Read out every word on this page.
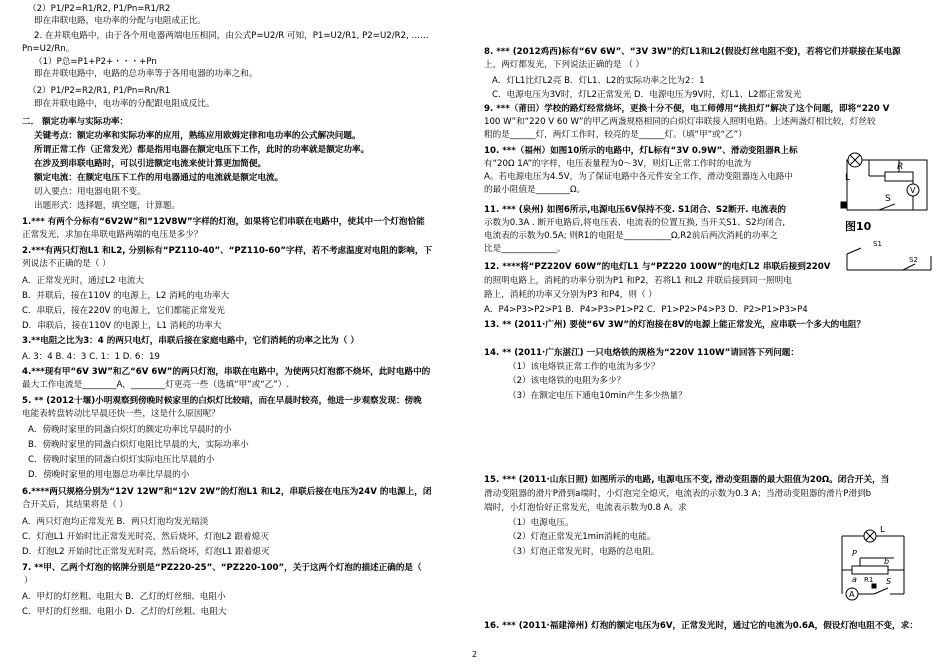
（2）P1/P2=R1/R2, P1/Pn=R1/R2
即在串联电路，电功率的分配与电阻成正比。
2. 在并联电路中，由于各个用电器两端电压相同，由公式P=U2/R 可知，P1=U2/R1, P2=U2/R2, ……
Pn=U2/Rn。
（1）P总=P1+P2+・・・+Pn
即在并联电路中，电路的总功率等于各用电器的功率之和。
（2）P1/P2=R2/R1, P1/Pn=Rn/R1
即在并联电路中，电功率的分配跟电阻成反比。
二． 额定功率与实际功率：
关键考点：额定功率和实际功率的应用，熟练应用欧姆定律和电功率的公式解决问题。
所谓正常工作（正常发光）都是指用电器在额定电压下工作，此时的功率就是额定功率。
在涉及到串联电路时，可以引进额定电流来使计算更加简便。
额定电流：在额定电压下工作的用电器通过的电流就是额定电流。
切入要点：用电器电阻不变。
出题形式：选择题，填空题，计算题。
1.*** 有两个分标有“6V2W”和“12V8W”字样的灯泡，如果将它们串联在电路中，使其中一个灯泡恰能
正常发光，求加在串联电路两端的电压是多少？
2.***有两只灯泡L1 和L2, 分别标有“PZ110-40”、“PZ110-60”字样，若不考虑温度对电阻的影响，下
列说法不正确的是（ ）
A．正常发光时，通过L2 电流大
B．并联后，接在110V 的电源上，L2 消耗的电功率大
C．串联后，接在220V 的电源上，它们都能正常发光
D．串联后，接在110V 的电源上，L1 消耗的功率大
3.**电阻之比为3：4 的两只电灯，串联后接在家庭电路中，它们消耗的功率之比为（ ）
A. 3：4 B. 4：3 C. 1：1 D. 6：19
4.***现有甲“6V 3W”和乙“6V 6W”的两只灯泡，串联在电路中，为使两只灯泡都不烧坏，此时电路中的
最大工作电流是________A，________灯更亮一些（选填“甲”或“乙”）.
5. ** (2012十堰)小明观察到傍晚时候家里的白炽灯比较暗，而在早晨时较亮，他进一步观察发现：傍晚
电能表转盘转动比早晨还快一些，这是什么原因呢？
A．傍晚时家里的同盏白炽灯的额定功率比早晨时的小
B．傍晚时家里的同盏白炽灯电阻比早晨的大，实际功率小
C．傍晚时家里的同盏白炽灯实际电压比早晨的小
D．傍晚时家里的用电器总功率比早晨的小
6.****两只规格分别为“12V 12W”和“12V 2W”的灯泡L1 和L2，串联后接在电压为24V 的电源上，闭
合开关后，其结果将是（ ）
A．两只灯泡均正常发光 B．两只灯泡均发光暗淡
C．灯泡L1 开始时比正常发光时亮，然后烧坏，灯泡L2 跟着熄灭
D．灯泡L2 开始时比正常发光时亮，然后烧坏，灯泡L1 跟着熄灭
7. **甲、乙两个灯泡的铭牌分别是“PZ220-25”、“PZ220-100”，关于这两个灯泡的描述正确的是（
）
A．甲灯的灯丝粗、电阻大 B．乙灯的灯丝细、电阻小
C．甲灯的灯丝细、电阻小 D．乙灯的灯丝粗、电阻大
8. *** (2012鸡西)标有“6V 6W”、“3V 3W”的灯L1和L2(假设灯丝电阻不变)，若将它们并联接在某电源
上，两灯都发光，下列说法正确的是 （ ）
A．灯L1比灯L2亮 B．灯L1、L2的实际功率之比为2：1
C．电源电压为3V时，灯L2正常发光 D．电源电压为9V时，灯L1、L2都正常发光
9. ***（莆田）学校的路灯经常烧坏，更换十分不便，电工师傅用“挑担灯”解决了这个问题，即将“220 V
100 W”和“220 V 60 W”的甲乙两盏规格相同的白炽灯串联接入照明电路。上述两盏灯相比较，灯丝较
粗的是______灯，两灯工作时，较亮的是______灯。（填“甲”或“乙”）
10. ***（福州）如图10所示的电路中，灯L标有“3V 0.9W”、滑动变阻器R上标
有“20Ω 1A”的字样，电压表量程为0～3V，则灯L正常工作时的电流为
A。若电源电压为4.5V，为了保证电路中各元件安全工作，滑动变阻器连入电路中
的最小阻值是________Ω。
11. *** (泉州) 如图6所示,电源电压6V保持不变. S1闭合、S2断开. 电流表的
示数为0.3A . 断开电路后,将电压表、电流表的位置互换, 当开关S1、S2均闭合,
电流表的示数为0.5A; 则R1的电阻是___________Ω,R2前后两次消耗的功率之
比是_____________。
12. ****将“PZ220V 60W”的电灯L1 与“PZ220 100W”的电灯L2 串联后接到220V
的照明电路上，消耗的功率分别为P1 和P2，若将L1 和L2 并联后接到同一照明电
路上，消耗的功率又分别为P3 和P4，则（ ）
A．P4>P3>P2>P1 B．P4>P3>P1>P2 C．P1>P2>P4>P3 D．P2>P1>P3>P4
13. ** (2011·广州) 要使“6V 3W”的灯泡接在8V的电源上能正常发光，应串联一个多大的电阻？
14. ** (2011·广东湛江) 一只电烙铁的规格为“220V 110W”请回答下列问题：
（1）该电烙铁正常工作的电流为多少？
（2）该电烙铁的电阻为多少？
（3）在额定电压下通电10min产生多少热量？
15. *** (2011·山东日照) 如图所示的电路, 电源电压不变, 滑动变阻器的最大阻值为20Ω。闭合开关，当
滑动变阻器的滑片P滑到a端时，小灯泡完全熄灭，电流表的示数为0.3 A；当滑动变阻器的滑片P滑到b
端时，小灯泡恰好正常发光，电流表示数为0.8 A。求
（1）电源电压。
（2）灯泡正常发光1min消耗的电能。
（3）灯泡正常发光时，电路的总电阻。
16. *** (2011·福建漳州) 灯泡的额定电压为6V，正常发光时，通过它的电流为0.6A，假设灯泡电阻不变，求：
L
R
V
S
图10
S1
S2
L
a
b
P
R1
A
S
2
